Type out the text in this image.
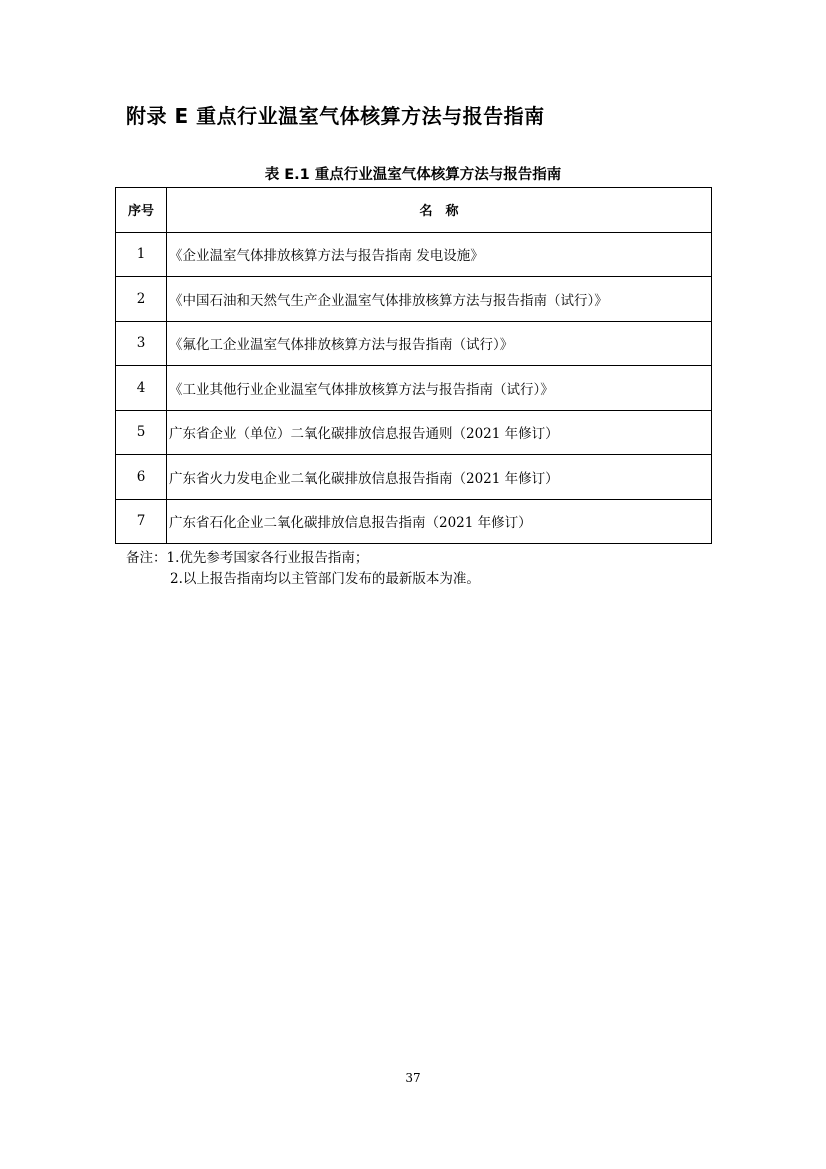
附录 E 重点行业温室气体核算方法与报告指南
表 E.1 重点行业温室气体核算方法与报告指南
序号	名　称
1	《企业温室气体排放核算方法与报告指南 发电设施》
2	《中国石油和天然气生产企业温室气体排放核算方法与报告指南（试行）》
3	《氟化工企业温室气体排放核算方法与报告指南（试行）》
4	《工业其他行业企业温室气体排放核算方法与报告指南（试行）》
5	广东省企业（单位）二氧化碳排放信息报告通则（2021 年修订）
6	广东省火力发电企业二氧化碳排放信息报告指南（2021 年修订）
7	广东省石化企业二氧化碳排放信息报告指南（2021 年修订）
备注：1.优先参考国家各行业报告指南；
2.以上报告指南均以主管部门发布的最新版本为准。
37
